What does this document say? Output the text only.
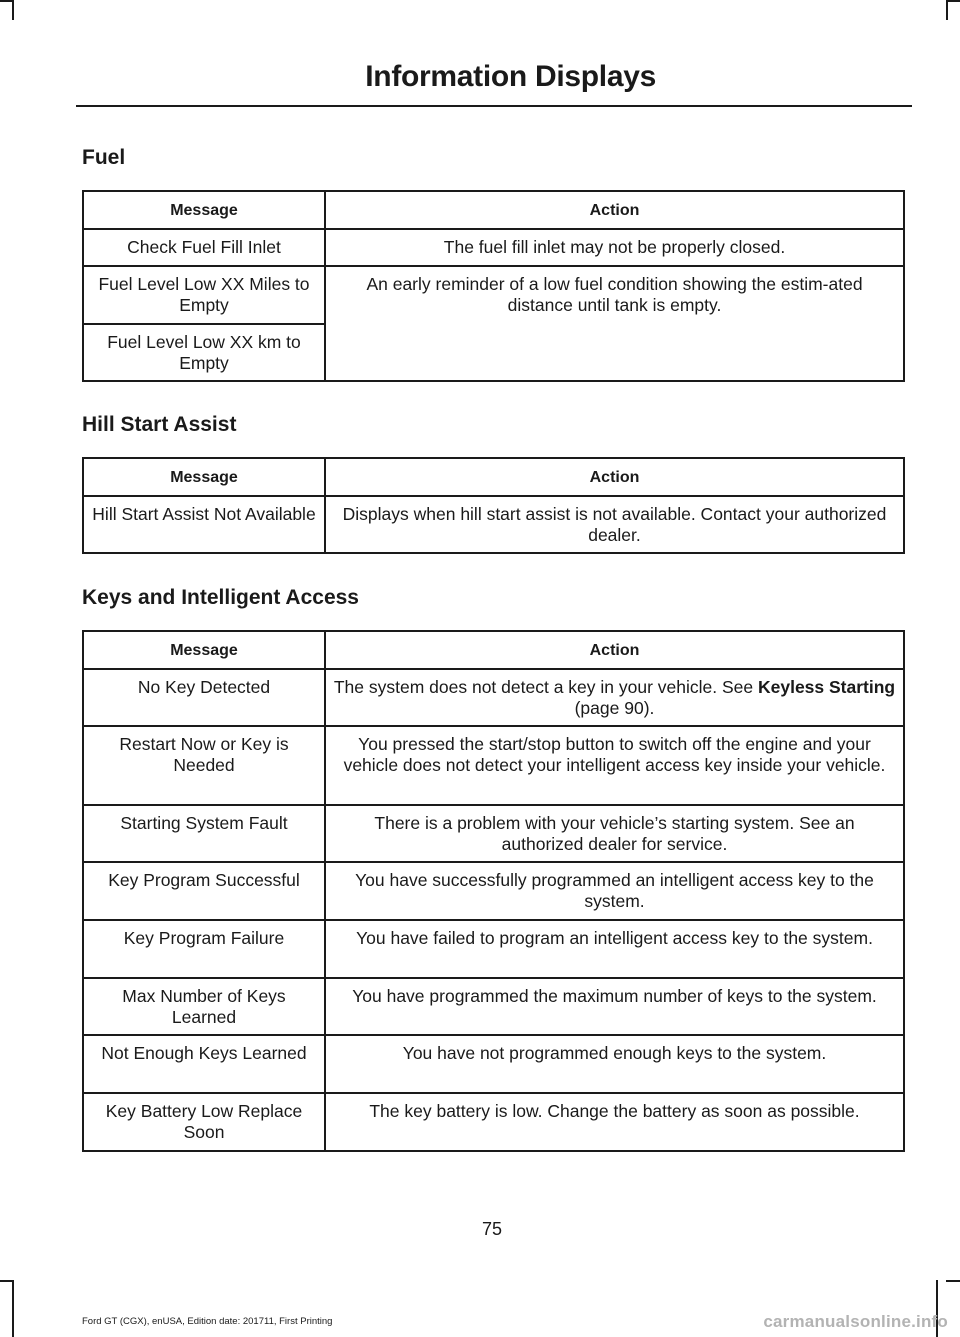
Information Displays
Fuel
Message	Action
Check Fuel Fill Inlet	The fuel fill inlet may not be properly closed.
Fuel Level Low XX Miles to Empty	An early reminder of a low fuel condition showing the estim-ated distance until tank is empty.
Fuel Level Low XX km to Empty	
Hill Start Assist
Message	Action
Hill Start Assist Not Available	Displays when hill start assist is not available. Contact your authorized dealer.
Keys and Intelligent Access
Message	Action
No Key Detected	The system does not detect a key in your vehicle. See Keyless Starting (page 90).
Restart Now or Key is Needed	You pressed the start/stop button to switch off the engine and your vehicle does not detect your intelligent access key inside your vehicle.
Starting System Fault	There is a problem with your vehicle’s starting system. See an authorized dealer for service.
Key Program Successful	You have successfully programmed an intelligent access key to the system.
Key Program Failure	You have failed to program an intelligent access key to the system.
Max Number of Keys Learned	You have programmed the maximum number of keys to the system.
Not Enough Keys Learned	You have not programmed enough keys to the system.
Key Battery Low Replace Soon	The key battery is low. Change the battery as soon as possible.
75
Ford GT (CGX), enUSA, Edition date: 201711, First Printing	carmanualsonline.info
